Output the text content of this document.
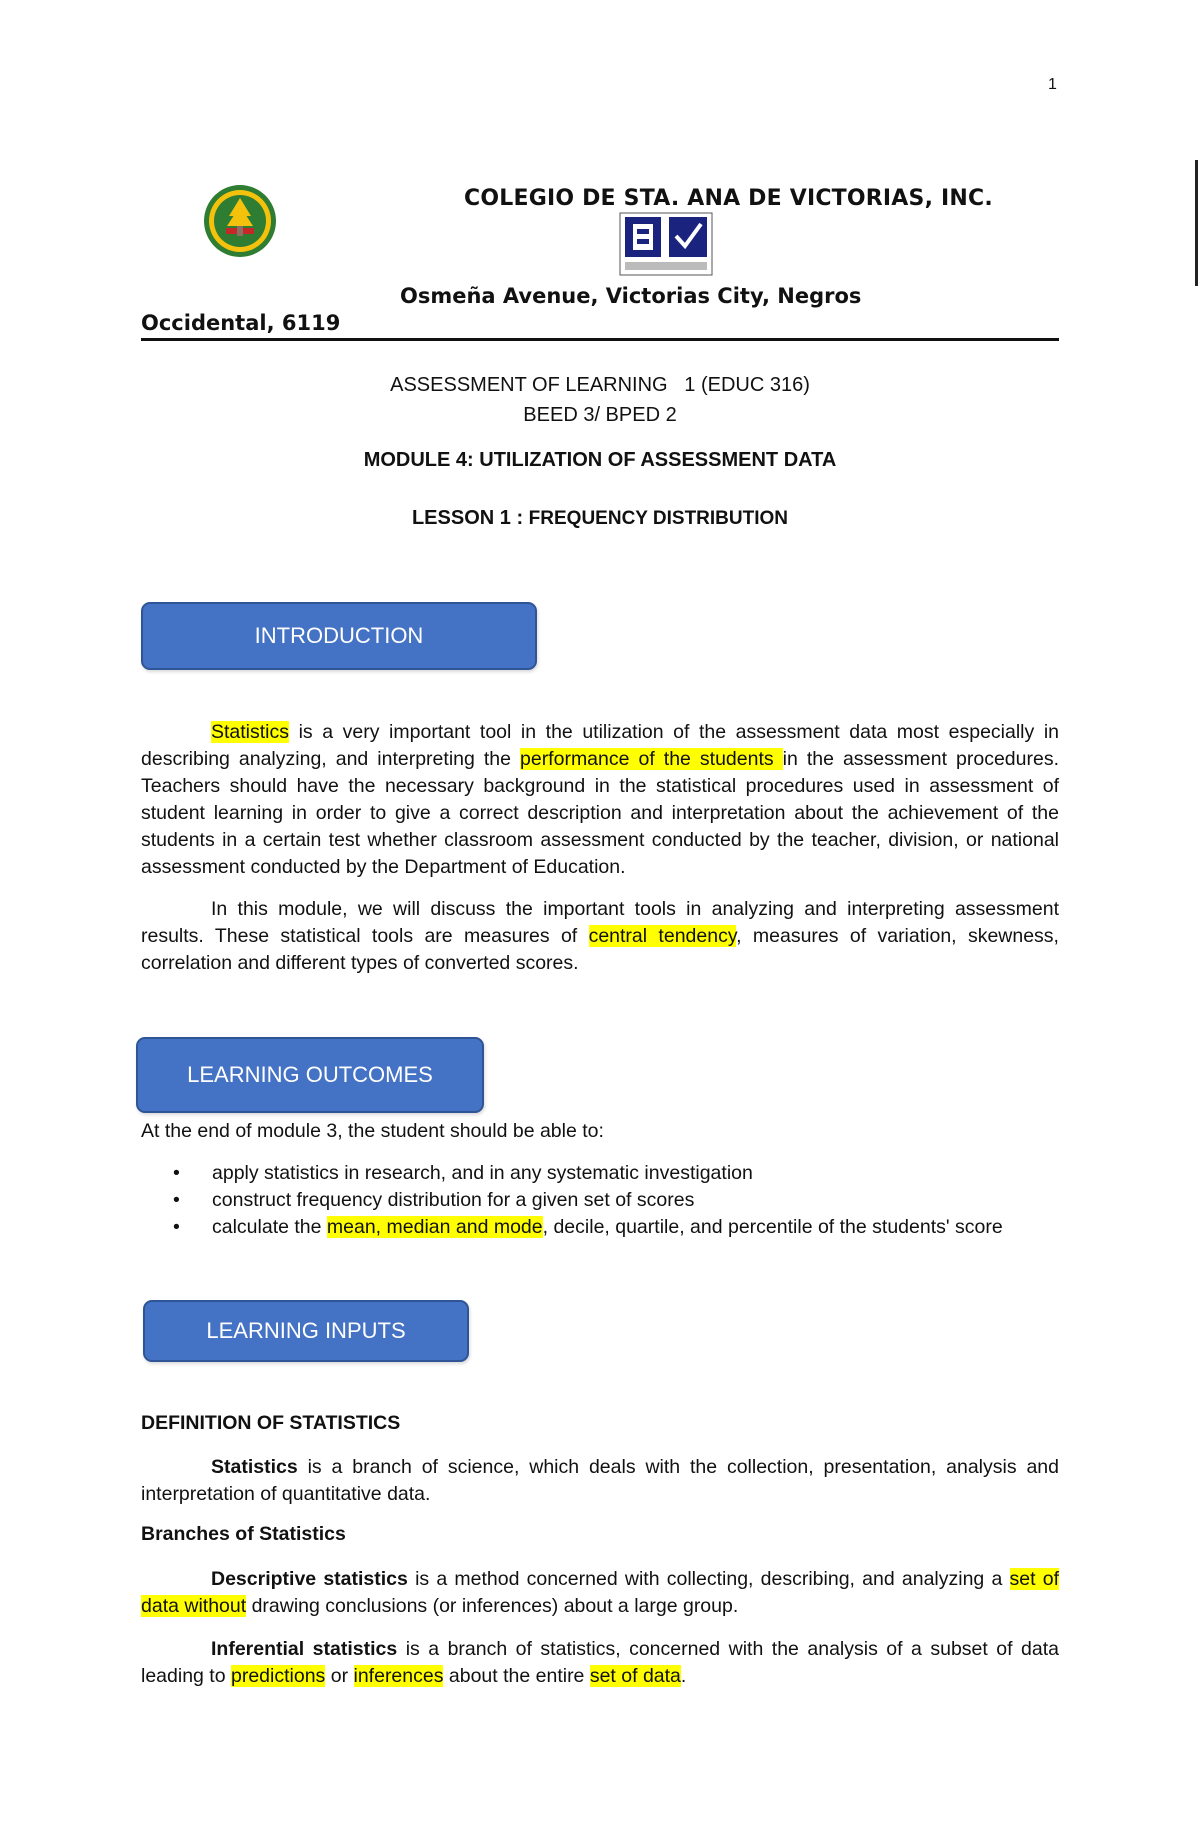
1
COLEGIO DE STA. ANA DE VICTORIAS, INC.
Osmeña Avenue, Victorias City, Negros
Occidental, 6119
ASSESSMENT OF LEARNING   1 (EDUC 316)
BEED 3/ BPED 2
MODULE 4: UTILIZATION OF ASSESSMENT DATA
LESSON 1 : FREQUENCY DISTRIBUTION
INTRODUCTION
Statistics is a very important tool in the utilization of the assessment data most especially in describing analyzing, and interpreting the performance of the students in the assessment procedures. Teachers should have the necessary background in the statistical procedures used in assessment of student learning in order to give a correct description and interpretation about the achievement of the students in a certain test whether classroom assessment conducted by the teacher, division, or national assessment conducted by the Department of Education.
In this module, we will discuss the important tools in analyzing and interpreting assessment results. These statistical tools are measures of central tendency, measures of variation, skewness, correlation and different types of converted scores.
LEARNING OUTCOMES
At the end of module 3, the student should be able to:
• apply statistics in research, and in any systematic investigation
• construct frequency distribution for a given set of scores
• calculate the mean, median and mode, decile, quartile, and percentile of the students' score
LEARNING INPUTS
DEFINITION OF STATISTICS
Statistics is a branch of science, which deals with the collection, presentation, analysis and interpretation of quantitative data.
Branches of Statistics
Descriptive statistics is a method concerned with collecting, describing, and analyzing a set of data without drawing conclusions (or inferences) about a large group.
Inferential statistics is a branch of statistics, concerned with the analysis of a subset of data leading to predictions or inferences about the entire set of data.
